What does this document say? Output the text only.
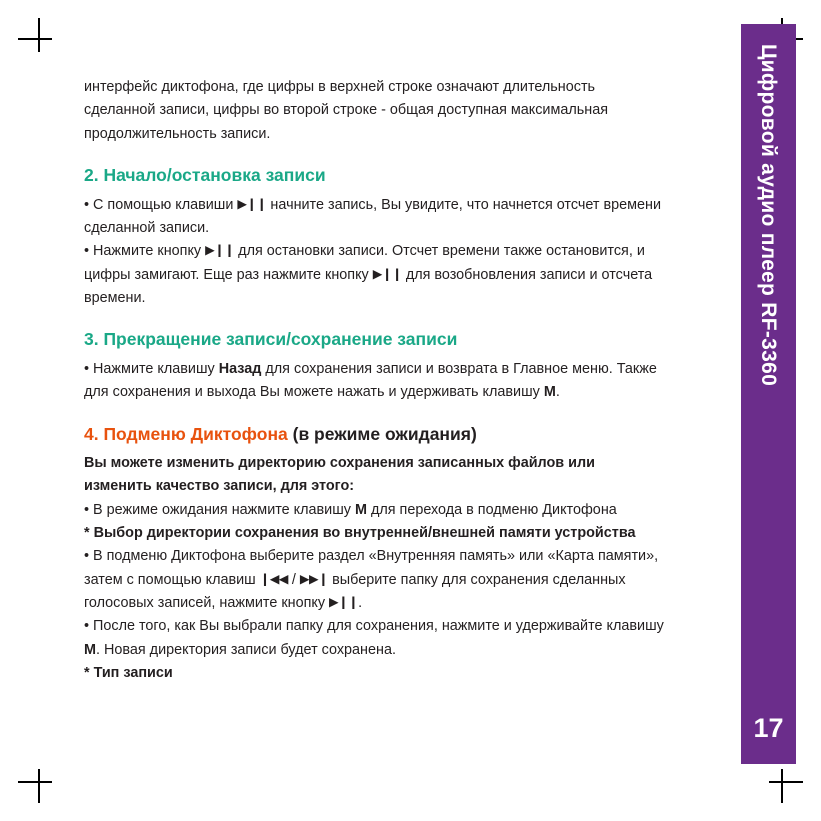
Цифровой аудио плеер RF-3360
17

интерфейс диктофона, где цифры в верхней строке означают длительность сделанной записи, цифры во второй строке - общая доступная максимальная продолжительность записи.

2. Начало/остановка записи

• С помощью клавиши ▶❙❙ начните запись, Вы увидите, что начнется отсчет времени сделанной записи.

• Нажмите кнопку ▶❙❙ для остановки записи. Отсчет времени также остановится, и цифры замигают. Еще раз нажмите кнопку ▶❙❙ для возобновления записи и отсчета времени.

3. Прекращение записи/сохранение записи

• Нажмите клавишу Назад для сохранения записи и возврата в Главное меню. Также для сохранения и выхода Вы можете нажать и удерживать клавишу M.

4. Подменю Диктофона (в режиме ожидания)

Вы можете изменить директорию сохранения записанных файлов или изменить качество записи, для этого:

• В режиме ожидания нажмите клавишу M для перехода в подменю Диктофона

* Выбор директории сохранения во внутренней/внешней памяти устройства

• В подменю Диктофона выберите раздел «Внутренняя память» или «Карта памяти», затем с помощью клавиш ❙◀◀ / ▶▶❙ выберите папку для сохранения сделанных голосовых записей, нажмите кнопку ▶❙❙.

• После того, как Вы выбрали папку для сохранения, нажмите и удерживайте клавишу M. Новая директория записи будет сохранена.

* Тип записи
